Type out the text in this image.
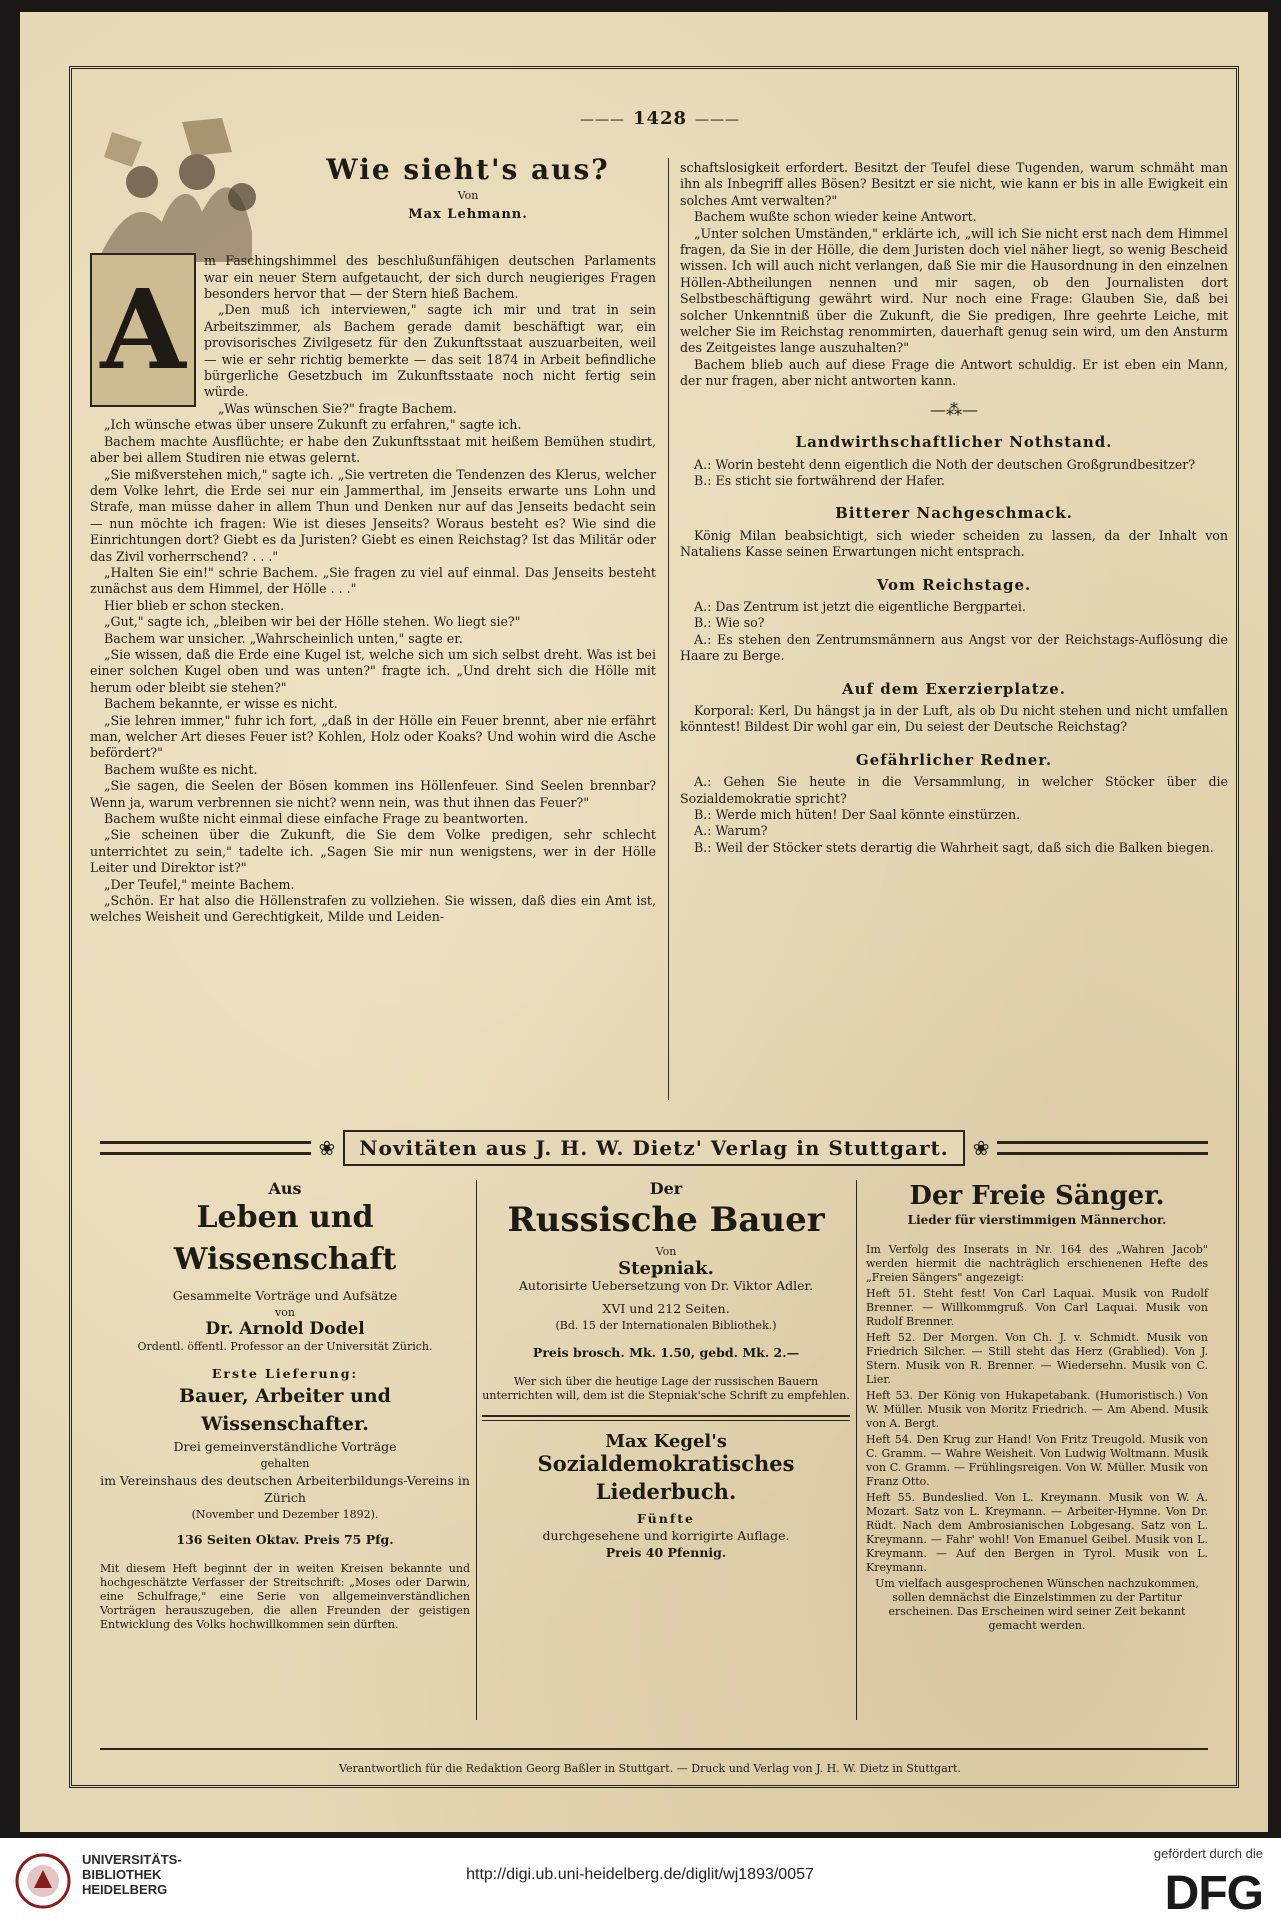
——— 1428 ———
Wie sieht's aus?
Von
Max Lehmann.
A

m Faschingshimmel des beschlußunfähigen deutschen Parlaments war ein neuer Stern aufgetaucht, der sich durch neugieriges Fragen besonders hervor that — der Stern hieß Bachem.

„Den muß ich interviewen," sagte ich mir und trat in sein Arbeitszimmer, als Bachem gerade damit beschäftigt war, ein provisorisches Zivilgesetz für den Zukunftsstaat auszuarbeiten, weil — wie er sehr richtig bemerkte — das seit 1874 in Arbeit befindliche bürgerliche Gesetzbuch im Zukunftsstaate noch nicht fertig sein würde.

„Was wünschen Sie?" fragte Bachem.

„Ich wünsche etwas über unsere Zukunft zu erfahren," sagte ich.

Bachem machte Ausflüchte; er habe den Zukunftsstaat mit heißem Bemühen studirt, aber bei allem Studiren nie etwas gelernt.

„Sie mißverstehen mich," sagte ich. „Sie vertreten die Tendenzen des Klerus, welcher dem Volke lehrt, die Erde sei nur ein Jammerthal, im Jenseits erwarte uns Lohn und Strafe, man müsse daher in allem Thun und Denken nur auf das Jenseits bedacht sein — nun möchte ich fragen: Wie ist dieses Jenseits? Woraus besteht es? Wie sind die Einrichtungen dort? Giebt es da Juristen? Giebt es einen Reichstag? Ist das Militär oder das Zivil vorherrschend? . . ."

„Halten Sie ein!" schrie Bachem. „Sie fragen zu viel auf einmal. Das Jenseits besteht zunächst aus dem Himmel, der Hölle . . ."

Hier blieb er schon stecken.

„Gut," sagte ich, „bleiben wir bei der Hölle stehen. Wo liegt sie?"

Bachem war unsicher. „Wahrscheinlich unten," sagte er.

„Sie wissen, daß die Erde eine Kugel ist, welche sich um sich selbst dreht. Was ist bei einer solchen Kugel oben und was unten?" fragte ich. „Und dreht sich die Hölle mit herum oder bleibt sie stehen?"

Bachem bekannte, er wisse es nicht.

„Sie lehren immer," fuhr ich fort, „daß in der Hölle ein Feuer brennt, aber nie erfährt man, welcher Art dieses Feuer ist? Kohlen, Holz oder Koaks? Und wohin wird die Asche befördert?"

Bachem wußte es nicht.

„Sie sagen, die Seelen der Bösen kommen ins Höllenfeuer. Sind Seelen brennbar? Wenn ja, warum verbrennen sie nicht? wenn nein, was thut ihnen das Feuer?"

Bachem wußte nicht einmal diese einfache Frage zu beantworten.

„Sie scheinen über die Zukunft, die Sie dem Volke predigen, sehr schlecht unterrichtet zu sein," tadelte ich. „Sagen Sie mir nun wenigstens, wer in der Hölle Leiter und Direktor ist?"

„Der Teufel," meinte Bachem.

„Schön. Er hat also die Höllenstrafen zu vollziehen. Sie wissen, daß dies ein Amt ist, welches Weisheit und Gerechtigkeit, Milde und Leiden-

schaftslosigkeit erfordert. Besitzt der Teufel diese Tugenden, warum schmäht man ihn als Inbegriff alles Bösen? Besitzt er sie nicht, wie kann er bis in alle Ewigkeit ein solches Amt verwalten?"

Bachem wußte schon wieder keine Antwort.

„Unter solchen Umständen," erklärte ich, „will ich Sie nicht erst nach dem Himmel fragen, da Sie in der Hölle, die dem Juristen doch viel näher liegt, so wenig Bescheid wissen. Ich will auch nicht verlangen, daß Sie mir die Hausordnung in den einzelnen Höllen-Abtheilungen nennen und mir sagen, ob den Journalisten dort Selbstbeschäftigung gewährt wird. Nur noch eine Frage: Glauben Sie, daß bei solcher Unkenntniß über die Zukunft, die Sie predigen, Ihre geehrte Leiche, mit welcher Sie im Reichstag renommirten, dauerhaft genug sein wird, um den Ansturm des Zeitgeistes lange auszuhalten?"

Bachem blieb auch auf diese Frage die Antwort schuldig. Er ist eben ein Mann, der nur fragen, aber nicht antworten kann.

—⁂—
Landwirthschaftlicher Nothstand.

A.: Worin besteht denn eigentlich die Noth der deutschen Großgrundbesitzer?

B.: Es sticht sie fortwährend der Hafer.

Bitterer Nachgeschmack.

König Milan beabsichtigt, sich wieder scheiden zu lassen, da der Inhalt von Nataliens Kasse seinen Erwartungen nicht entsprach.

Vom Reichstage.

A.: Das Zentrum ist jetzt die eigentliche Bergpartei.

B.: Wie so?

A.: Es stehen den Zentrumsmännern aus Angst vor der Reichstags-Auflösung die Haare zu Berge.

Auf dem Exerzierplatze.

Korporal: Kerl, Du hängst ja in der Luft, als ob Du nicht stehen und nicht umfallen könntest! Bildest Dir wohl gar ein, Du seiest der Deutsche Reichstag?

Gefährlicher Redner.

A.: Gehen Sie heute in die Versammlung, in welcher Stöcker über die Sozialdemokratie spricht?

B.: Werde mich hüten! Der Saal könnte einstürzen.

A.: Warum?

B.: Weil der Stöcker stets derartig die Wahrheit sagt, daß sich die Balken biegen.

❀	Novitäten aus J. H. W. Dietz' Verlag in Stuttgart.	❀
Aus
Leben und Wissenschaft
Gesammelte Vorträge und Aufsätze
von
Dr. Arnold Dodel
Ordentl. öffentl. Professor an der Universität Zürich.
Erste Lieferung:
Bauer, Arbeiter und Wissenschafter.
Drei gemeinverständliche Vorträge
gehalten
im Vereinshaus des deutschen Arbeiterbildungs-Vereins in Zürich
(November und Dezember 1892).
136 Seiten Oktav. Preis 75 Pfg.
Mit diesem Heft beginnt der in weiten Kreisen bekannte und hochgeschätzte Verfasser der Streitschrift: „Moses oder Darwin, eine Schulfrage," eine Serie von allgemeinverständlichen Vorträgen herauszugeben, die allen Freunden der geistigen Entwicklung des Volks hochwillkommen sein dürften.
Der
Russische Bauer
Von
Stepniak.
Autorisirte Uebersetzung von Dr. Viktor Adler.
XVI und 212 Seiten.
(Bd. 15 der Internationalen Bibliothek.)
Preis brosch. Mk. 1.50, gebd. Mk. 2.—
Wer sich über die heutige Lage der russischen Bauern unterrichten will, dem ist die Stepniak'sche Schrift zu empfehlen.
Max Kegel's
Sozialdemokratisches Liederbuch.
Fünfte
durchgesehene und korrigirte Auflage.
Preis 40 Pfennig.
Der Freie Sänger.
Lieder für vierstimmigen Männerchor.

Im Verfolg des Inserats in Nr. 164 des „Wahren Jacob" werden hiermit die nachträglich erschienenen Hefte des „Freien Sängers" angezeigt:

Heft 51. Steht fest! Von Carl Laquai. Musik von Rudolf Brenner. — Willkommgruß. Von Carl Laquai. Musik von Rudolf Brenner.

Heft 52. Der Morgen. Von Ch. J. v. Schmidt. Musik von Friedrich Silcher. — Still steht das Herz (Grablied). Von J. Stern. Musik von R. Brenner. — Wiedersehn. Musik von C. Lier.

Heft 53. Der König von Hukapetabank. (Humoristisch.) Von W. Müller. Musik von Moritz Friedrich. — Am Abend. Musik von A. Bergt.

Heft 54. Den Krug zur Hand! Von Fritz Treugold. Musik von C. Gramm. — Wahre Weisheit. Von Ludwig Woltmann. Musik von C. Gramm. — Frühlingsreigen. Von W. Müller. Musik von Franz Otto.

Heft 55. Bundeslied. Von L. Kreymann. Musik von W. A. Mozart. Satz von L. Kreymann. — Arbeiter-Hymne. Von Dr. Rüdt. Nach dem Ambrosianischen Lobgesang. Satz von L. Kreymann. — Fahr' wohl! Von Emanuel Geibel. Musik von L. Kreymann. — Auf den Bergen in Tyrol. Musik von L. Kreymann.

Um vielfach ausgesprochenen Wünschen nachzukommen, sollen demnächst die Einzelstimmen zu der Partitur erscheinen. Das Erscheinen wird seiner Zeit bekannt gemacht werden.

Verantwortlich für die Redaktion Georg Baßler in Stuttgart. — Druck und Verlag von J. H. W. Dietz in Stuttgart.
UNIVERSITÄTS-
BIBLIOTHEK
HEIDELBERG
http://digi.ub.uni-heidelberg.de/diglit/wj1893/0057
gefördert durch die
DFG
